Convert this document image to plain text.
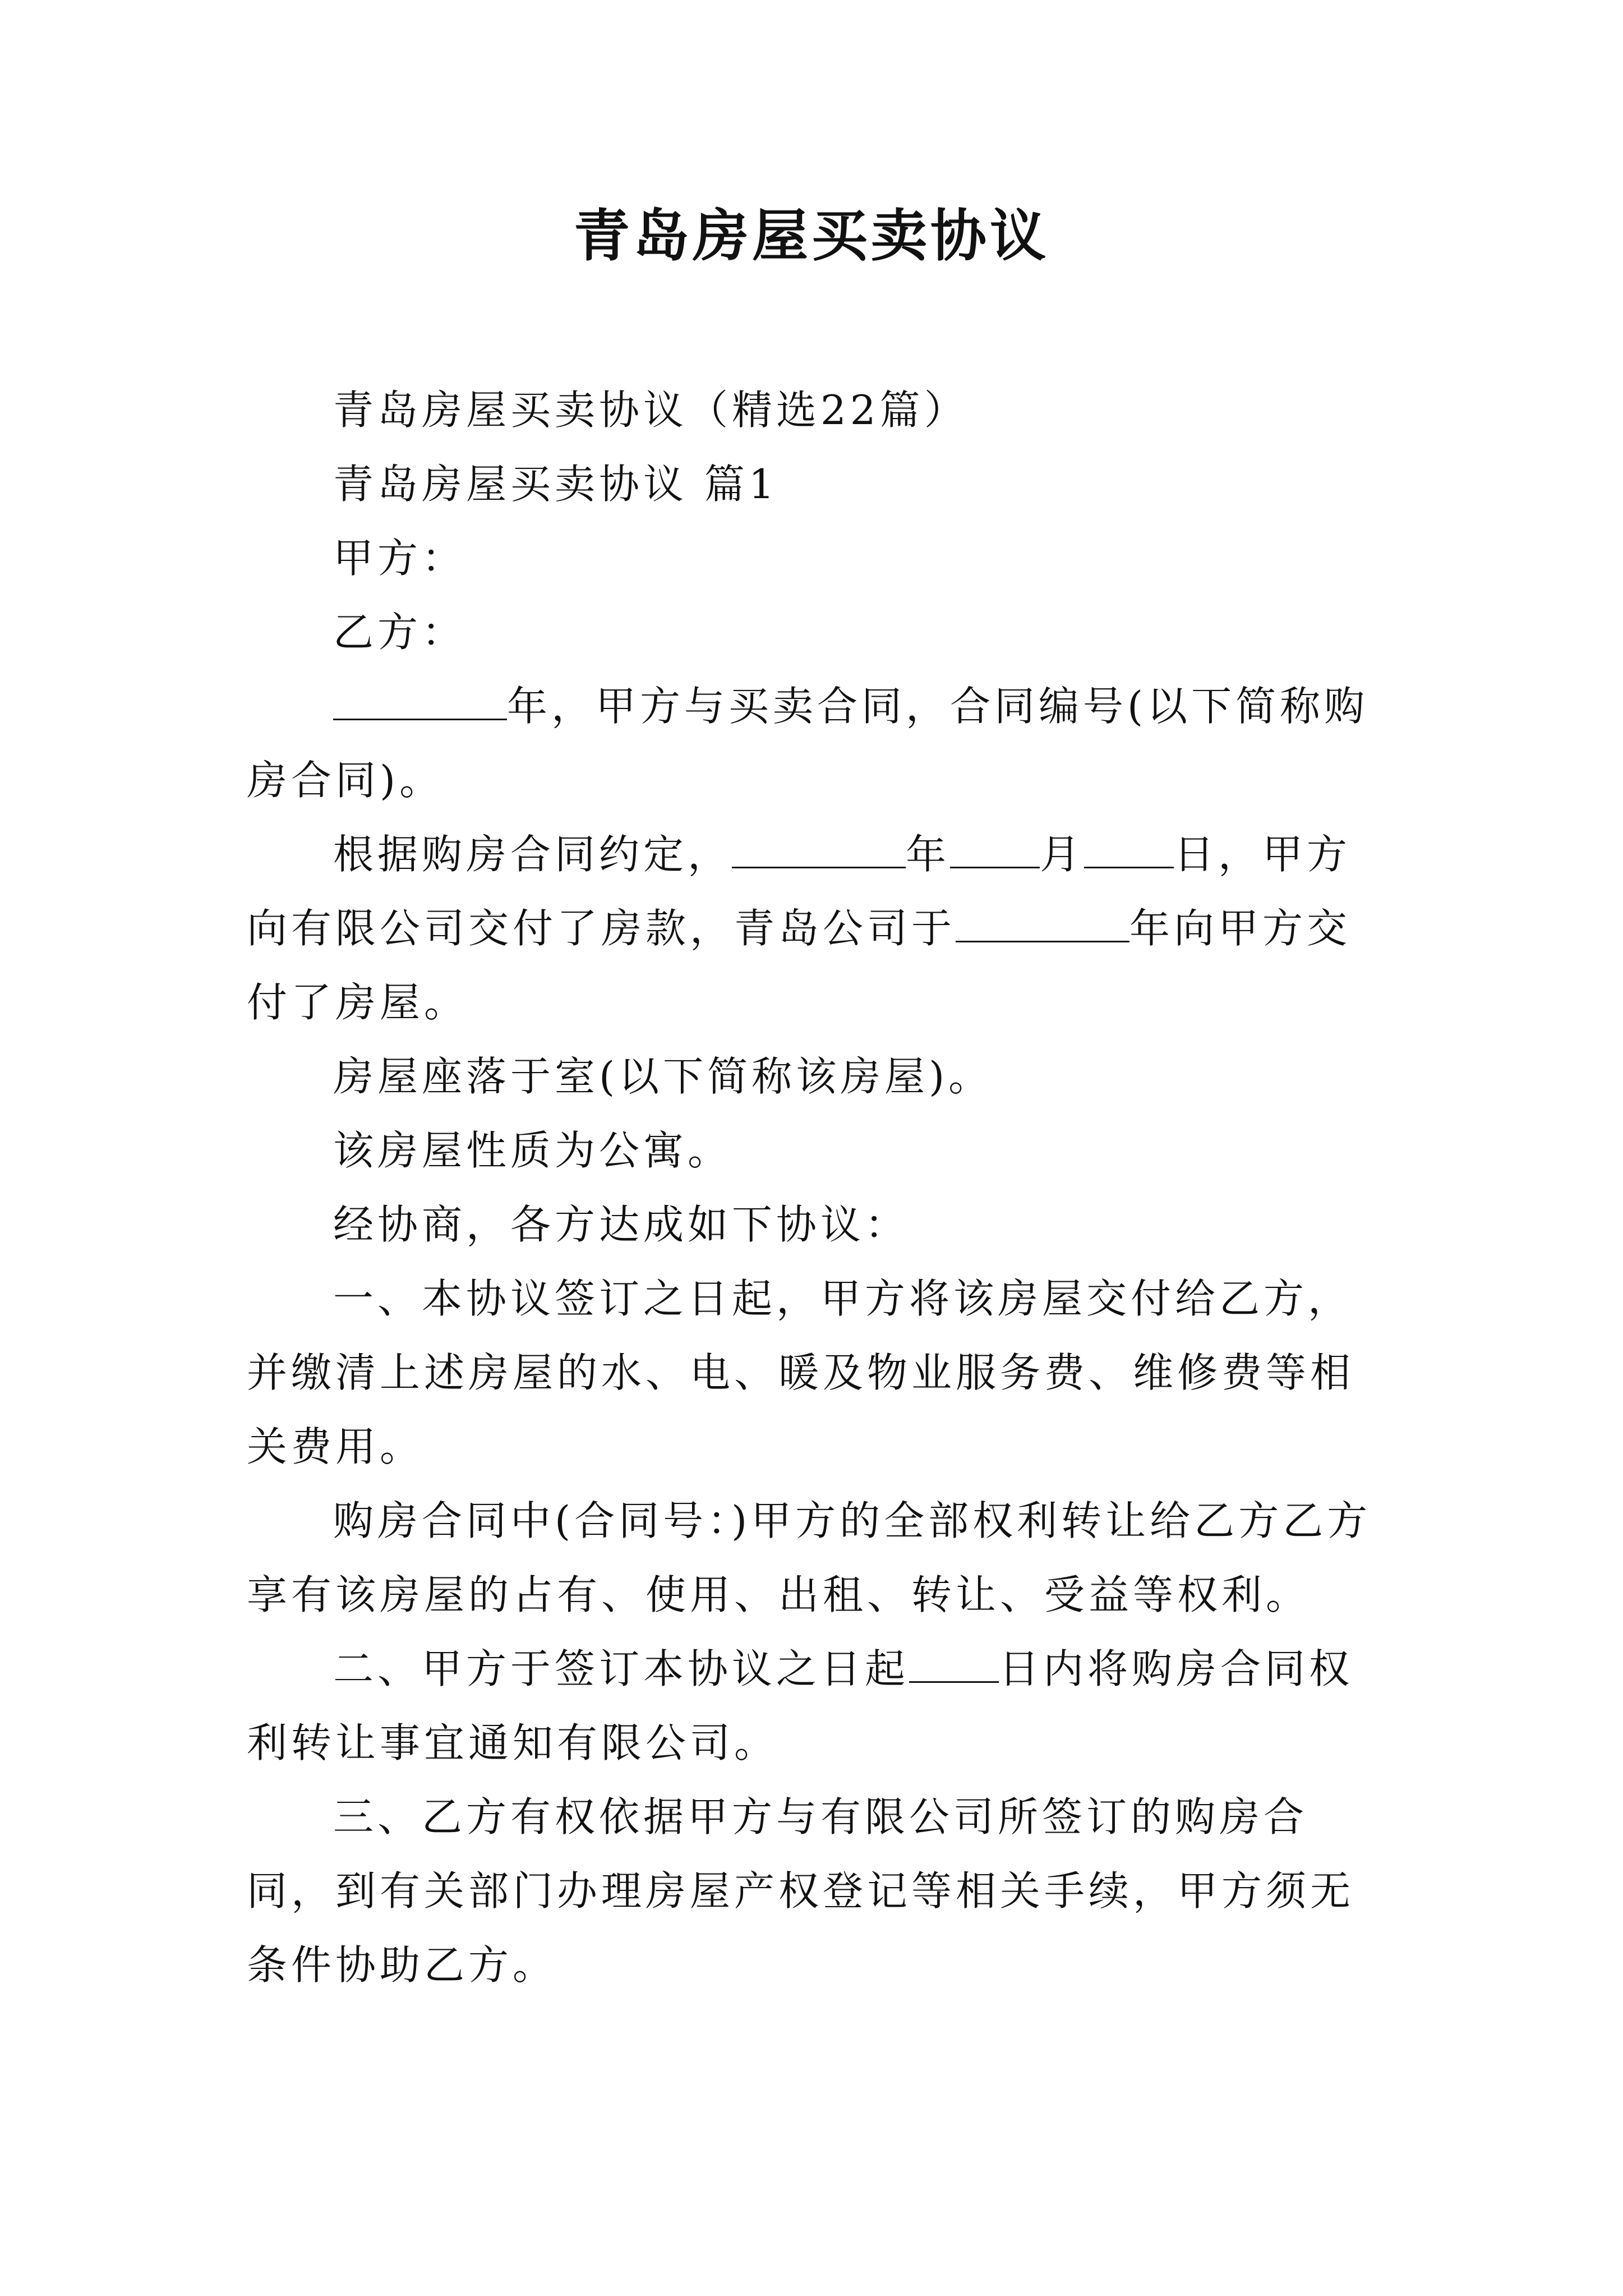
青岛房屋买卖协议

青岛房屋买卖协议（精选22篇）

青岛房屋买卖协议 篇1

甲方：

乙方：

年，甲方与买卖合同，合同编号(以下简称购房合同)。

根据购房合同约定，	年 月 日，甲方向有限公司交付了房款，青岛公司于	年向甲方交付了房屋。

房屋座落于室(以下简称该房屋)。

该房屋性质为公寓。

经协商，各方达成如下协议：

一、本协议签订之日起，甲方将该房屋交付给乙方，并缴清上述房屋的水、电、暖及物业服务费、维修费等相关费用。

购房合同中(合同号：)甲方的全部权利转让给乙方乙方享有该房屋的占有、使用、出租、转让、受益等权利。

二、甲方于签订本协议之日起 日内将购房合同权利转让事宜通知有限公司。

三、乙方有权依据甲方与有限公司所签订的购房合同，到有关部门办理房屋产权登记等相关手续，甲方须无条件协助乙方。
